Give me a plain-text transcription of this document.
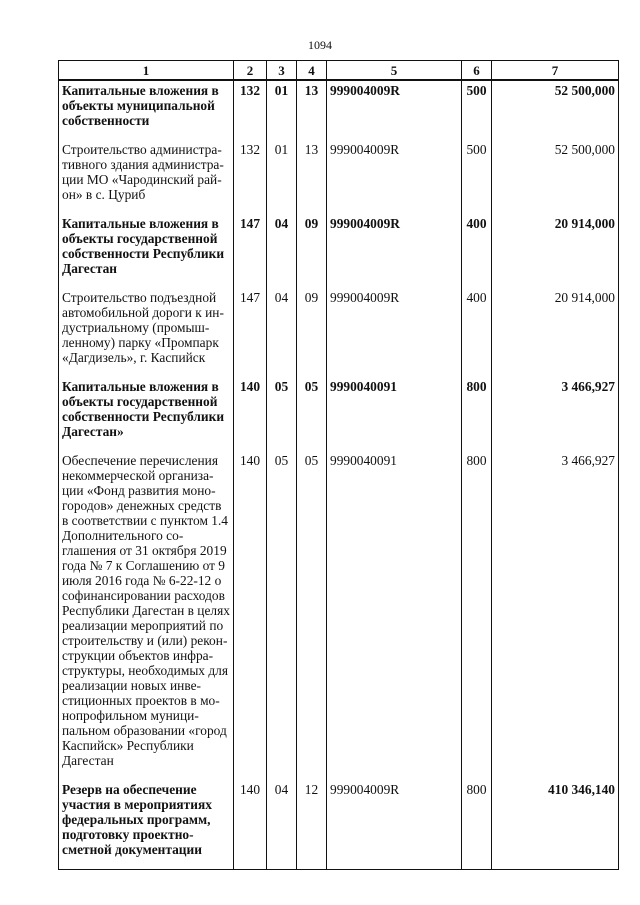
1094
1	2	3	4	5	6	7
Капитальные вложения в объекты муниципальной собственности	132	01	13	999004009R	500	52 500,000
Строительство административного здания администрации МО «Чародинский район» в с. Цуриб	132	01	13	999004009R	500	52 500,000
Капитальные вложения в объекты государственной собственности Республики Дагестан	147	04	09	999004009R	400	20 914,000
Строительство подъездной автомобильной дороги к индустриальному (промышленному) парку «Промпарк «Дагдизель», г. Каспийск	147	04	09	999004009R	400	20 914,000
Капитальные вложения в объекты государственной собственности Республики Дагестан»	140	05	05	9990040091	800	3 466,927
Обеспечение перечисления некоммерческой организации «Фонд развития моногородов» денежных средств в соответствии с пунктом 1.4 Дополнительного соглашения от 31 октября 2019 года № 7 к Соглашению от 9 июля 2016 года № 6-22-12 о софинансировании расходов Республики Дагестан в целях реализации мероприятий по строительству и (или) реконструкции объектов инфраструктуры, необходимых для реализации новых инвестиционных проектов в монопрофильном муниципальном образовании «город Каспийск» Республики Дагестан	140	05	05	9990040091	800	3 466,927
Резерв на обеспечение участия в мероприятиях федеральных программ, подготовку проектно-сметной документации	140	04	12	999004009R	800	410 346,140
